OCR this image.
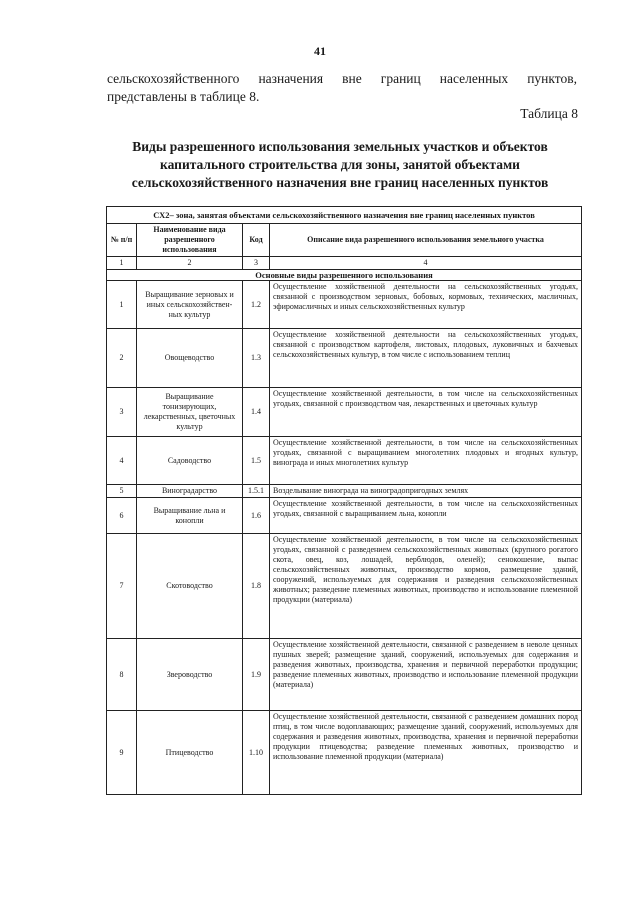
41
сельскохозяйственного назначения вне границ населенных пунктов, представлены в таблице 8.
Таблица 8
Виды разрешенного использования земельных участков и объектов капитального строительства для зоны, занятой объектами сельскохозяйственного назначения вне границ населенных пунктов
СХ2– зона, занятая объектами сельскохозяйственного назначения вне границ населенных пунктов			
№ п/п	Наименование вида разрешенного использования	Код	Описание вида разрешенного использования земельного участка
1	2	3	4
Основные виды разрешенного использования			
1	Выращивание зерновых и иных сельскохозяйствен-ных культур	1.2	Осуществление хозяйственной деятельности на сельскохозяйственных угодьях, связанной с производством зерновых, бобовых, кормовых, технических, масличных, эфиромасличных и иных сельскохозяйственных культур
2	Овощеводство	1.3	Осуществление хозяйственной деятельности на сельскохозяйственных угодьях, связанной с производством картофеля, листовых, плодовых, луковичных и бахчевых сельскохозяйственных культур, в том числе с использованием теплиц
3	Выращивание тонизирующих, лекарственных, цветочных культур	1.4	Осуществление хозяйственной деятельности, в том числе на сельскохозяйственных угодьях, связанной с производством чая, лекарственных и цветочных культур
4	Садоводство	1.5	Осуществление хозяйственной деятельности, в том числе на сельскохозяйственных угодьях, связанной с выращиванием многолетних плодовых и ягодных культур, винограда и иных многолетних культур
5	Виноградарство	1.5.1	Возделывание винограда на виноградопригодных землях
6	Выращивание льна и конопли	1.6	Осуществление хозяйственной деятельности, в том числе на сельскохозяйственных угодьях, связанной с выращиванием льна, конопли
7	Скотоводство	1.8	Осуществление хозяйственной деятельности, в том числе на сельскохозяйственных угодьях, связанной с разведением сельскохозяйственных животных (крупного рогатого скота, овец, коз, лошадей, верблюдов, оленей); сенокошение, выпас сельскохозяйственных животных, производство кормов, размещение зданий, сооружений, используемых для содержания и разведения сельскохозяйственных животных; разведение племенных животных, производство и использование племенной продукции (материала)
8	Звероводство	1.9	Осуществление хозяйственной деятельности, связанной с разведением в неволе ценных пушных зверей; размещение зданий, сооружений, используемых для содержания и разведения животных, производства, хранения и первичной переработки продукции; разведение племенных животных, производство и использование племенной продукции (материала)
9	Птицеводство	1.10	Осуществление хозяйственной деятельности, связанной с разведением домашних пород птиц, в том числе водоплавающих; размещение зданий, сооружений, используемых для содержания и разведения животных, производства, хранения и первичной переработки продукции птицеводства; разведение племенных животных, производство и использование племенной продукции (материала)
